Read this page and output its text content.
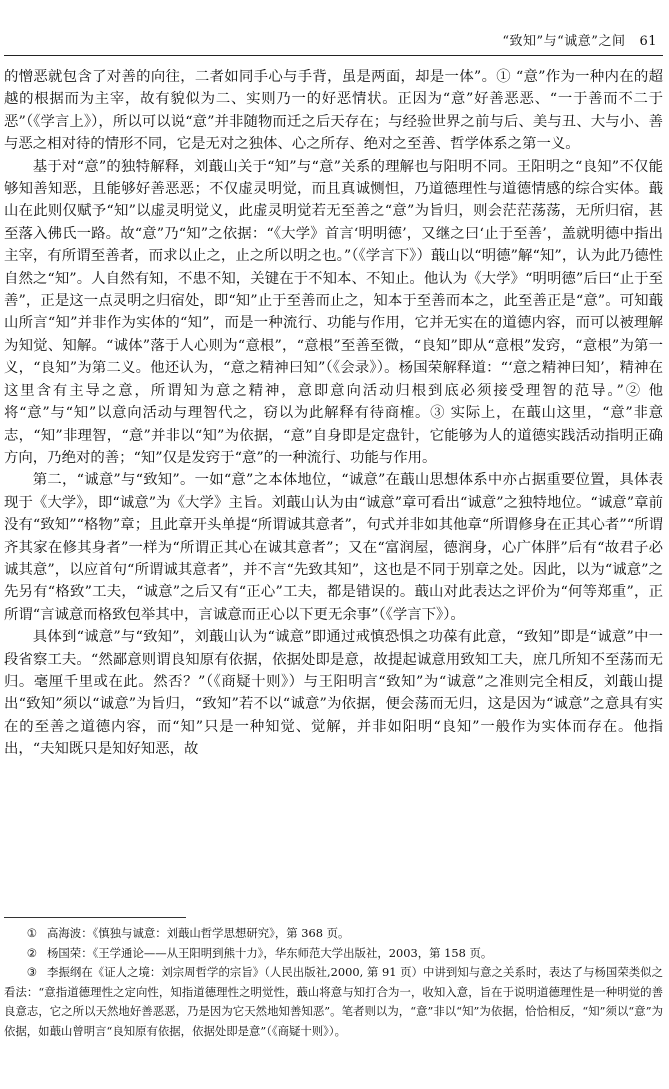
“致知”与“诚意”之间 61

的憎恶就包含了对善的向往，二者如同手心与手背，虽是两面，却是一体”。① “意”作为一种内在的超越的根据而为主宰，故有貌似为二、实则乃一的好恶情状。正因为“意”好善恶恶、“一于善而不二于恶”（《学言上》），所以可以说“意”并非随物而迁之后天存在；与经验世界之前与后、美与丑、大与小、善与恶之相对待的情形不同，它是无对之独体、心之所存、绝对之至善、哲学体系之第一义。

基于对“意”的独特解释，刘蕺山关于“知”与“意”关系的理解也与阳明不同。王阳明之“良知”不仅能够知善知恶，且能够好善恶恶；不仅虚灵明觉，而且真诚恻怛，乃道德理性与道德情感的综合实体。蕺山在此则仅赋予“知”以虚灵明觉义，此虚灵明觉若无至善之“意”为旨归，则会茫茫荡荡，无所归宿，甚至落入佛氏一路。故“意”乃“知”之依据：“《大学》首言‘明明德’，又继之曰‘止于至善’，盖就明德中指出主宰，有所谓至善者，而求以止之，止之所以明之也。”（《学言下》）蕺山以“明德”解“知”，认为此乃德性自然之“知”。人自然有知，不患不知，关键在于不知本、不知止。他认为《大学》“明明德”后曰“止于至善”，正是这一点灵明之归宿处，即“知”止于至善而止之，知本于至善而本之，此至善正是“意”。可知蕺山所言“知”并非作为实体的“知”，而是一种流行、功能与作用，它并无实在的道德内容，而可以被理解为知觉、知解。“诚体”落于人心则为“意根”，“意根”至善至微，“良知”即从“意根”发窍，“意根”为第一义，“良知”为第二义。他还认为，“意之精神曰知”（《会录》）。杨国荣解释道：“‘意之精神曰知’，精神在这里含有主导之意，所谓知为意之精神，意即意向活动归根到底必须接受理智的范导。”② 他将“意”与“知”以意向活动与理智代之，窃以为此解释有待商榷。③ 实际上，在蕺山这里，“意”非意志，“知”非理智，“意”并非以“知”为依据，“意”自身即是定盘针，它能够为人的道德实践活动指明正确方向，乃绝对的善；“知”仅是发窍于“意”的一种流行、功能与作用。

第二，“诚意”与“致知”。一如“意”之本体地位，“诚意”在蕺山思想体系中亦占据重要位置，具体表现于《大学》，即“诚意”为《大学》主旨。刘蕺山认为由“诚意”章可看出“诚意”之独特地位。“诚意”章前没有“致知”“格物”章；且此章开头单提“所谓诚其意者”，句式并非如其他章“所谓修身在正其心者”“所谓齐其家在修其身者”一样为“所谓正其心在诚其意者”；又在“富润屋，德润身，心广体胖”后有“故君子必诚其意”，以应首句“所谓诚其意者”，并不言“先致其知”，这也是不同于别章之处。因此，以为“诚意”之先另有“格致”工夫，“诚意”之后又有“正心”工夫，都是错误的。蕺山对此表达之评价为“何等郑重”，正所谓“言诚意而格致包举其中，言诚意而正心以下更无余事”（《学言下》）。

具体到“诚意”与“致知”，刘蕺山认为“诚意”即通过戒慎恐惧之功葆有此意，“致知”即是“诚意”中一段省察工夫。“然鄙意则谓良知原有依据，依据处即是意，故提起诚意用致知工夫，庶几所知不至荡而无归。毫厘千里或在此。然否？”（《商疑十则》）与王阳明言“致知”为“诚意”之准则完全相反，刘蕺山提出“致知”须以“诚意”为旨归，“致知”若不以“诚意”为依据，便会荡而无归，这是因为“诚意”之意具有实在的至善之道德内容，而“知”只是一种知觉、觉解，并非如阳明“良知”一般作为实体而存在。他指出，“夫知既只是知好知恶，故

① 高海波：《慎独与诚意：刘蕺山哲学思想研究》，第 368 页。

② 杨国荣：《王学通论——从王阳明到熊十力》，华东师范大学出版社，2003，第 158 页。

③ 李振纲在《证人之境：刘宗周哲学的宗旨》（人民出版社,2000, 第 91 页）中讲到知与意之关系时，表达了与杨国荣类似之看法：“意指道德理性之定向性，知指道德理性之明觉性，蕺山将意与知打合为一，收知入意，旨在于说明道德理性是一种明觉的善良意志，它之所以天然地好善恶恶，乃是因为它天然地知善知恶”。笔者则以为，“意”非以“知”为依据，恰恰相反，“知”须以“意”为依据，如蕺山曾明言“良知原有依据，依据处即是意”（《商疑十则》）。
